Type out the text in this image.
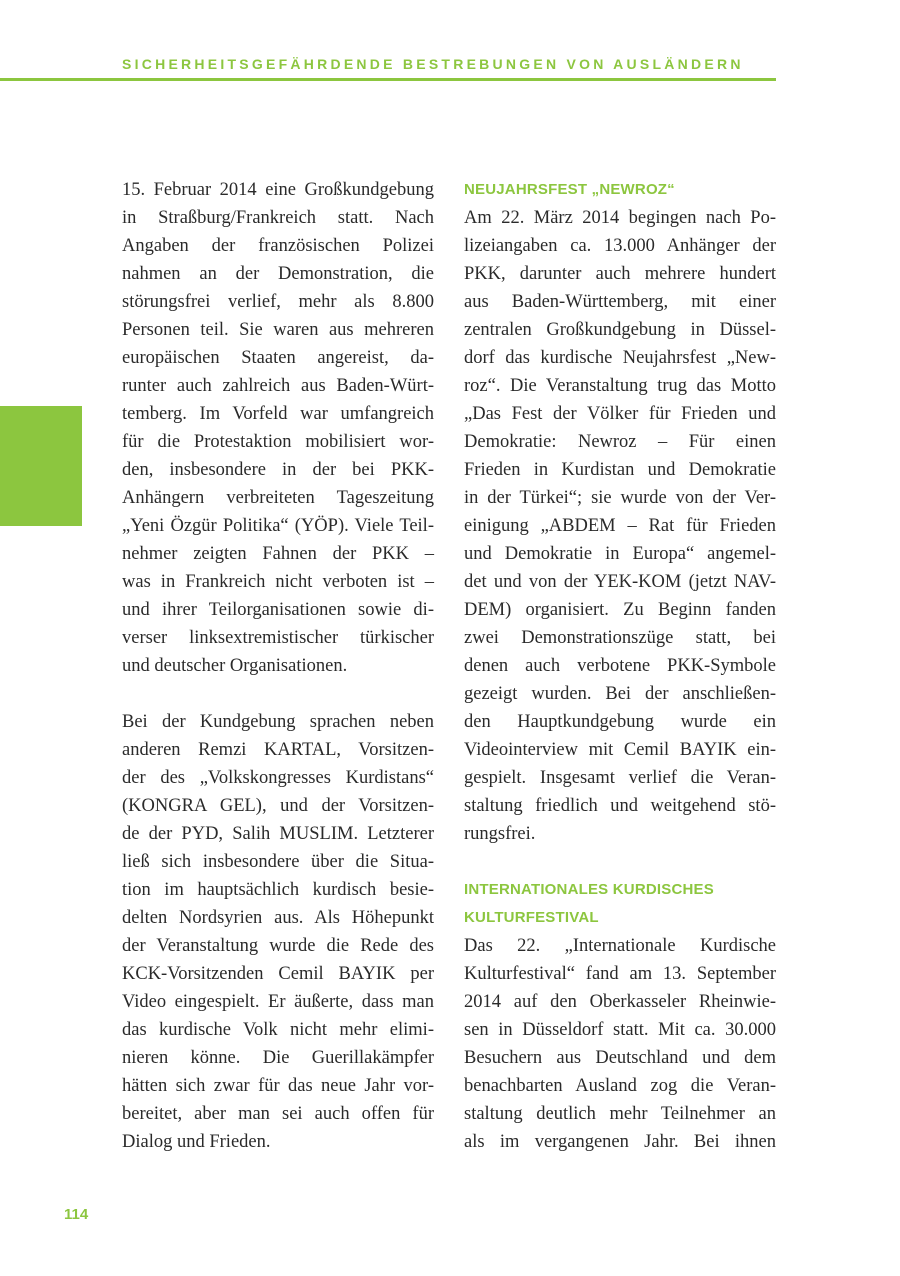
SICHERHEITSGEFÄHRDENDE BESTREBUNGEN VON AUSLÄNDERN

15. Februar 2014 eine Großkundgebung
in Straßburg/Frankreich statt. Nach
Angaben der französischen Polizei
nahmen an der Demonstration, die
störungsfrei verlief, mehr als 8.800
Personen teil. Sie waren aus mehreren
europäischen Staaten angereist, da-
runter auch zahlreich aus Baden-Würt-
temberg. Im Vorfeld war umfangreich
für die Protestaktion mobilisiert wor-
den, insbesondere in der bei PKK-
Anhängern verbreiteten Tageszeitung
„Yeni Özgür Politika“ (YÖP). Viele Teil-
nehmer zeigten Fahnen der PKK –
was in Frankreich nicht verboten ist –
und ihrer Teilorganisationen sowie di-
verser linksextremistischer türkischer
und deutscher Organisationen.

Bei der Kundgebung sprachen neben
anderen Remzi KARTAL, Vorsitzen-
der des „Volkskongresses Kurdistans“
(KONGRA GEL), und der Vorsitzen-
de der PYD, Salih MUSLIM. Letzterer
ließ sich insbesondere über die Situa-
tion im hauptsächlich kurdisch besie-
delten Nordsyrien aus. Als Höhepunkt
der Veranstaltung wurde die Rede des
KCK-Vorsitzenden Cemil BAYIK per
Video eingespielt. Er äußerte, dass man
das kurdische Volk nicht mehr elimi-
nieren könne. Die Guerillakämpfer
hätten sich zwar für das neue Jahr vor-
bereitet, aber man sei auch offen für
Dialog und Frieden.

NEUJAHRSFEST „NEWROZ“

Am 22. März 2014 begingen nach Po-
lizeiangaben ca. 13.000 Anhänger der
PKK, darunter auch mehrere hundert
aus Baden-Württemberg, mit einer
zentralen Großkundgebung in Düssel-
dorf das kurdische Neujahrsfest „New-
roz“. Die Veranstaltung trug das Motto
„Das Fest der Völker für Frieden und
Demokratie: Newroz – Für einen
Frieden in Kurdistan und Demokratie
in der Türkei“; sie wurde von der Ver-
einigung „ABDEM – Rat für Frieden
und Demokratie in Europa“ angemel-
det und von der YEK-KOM (jetzt NAV-
DEM) organisiert. Zu Beginn fanden
zwei Demonstrationszüge statt, bei
denen auch verbotene PKK-Symbole
gezeigt wurden. Bei der anschließen-
den Hauptkundgebung wurde ein
Videointerview mit Cemil BAYIK ein-
gespielt. Insgesamt verlief die Veran-
staltung friedlich und weitgehend stö-
rungsfrei.

INTERNATIONALES KURDISCHES
KULTURFESTIVAL

Das 22. „Internationale Kurdische
Kulturfestival“ fand am 13. September
2014 auf den Oberkasseler Rheinwie-
sen in Düsseldorf statt. Mit ca. 30.000
Besuchern aus Deutschland und dem
benachbarten Ausland zog die Veran-
staltung deutlich mehr Teilnehmer an
als im vergangenen Jahr. Bei ihnen

114
